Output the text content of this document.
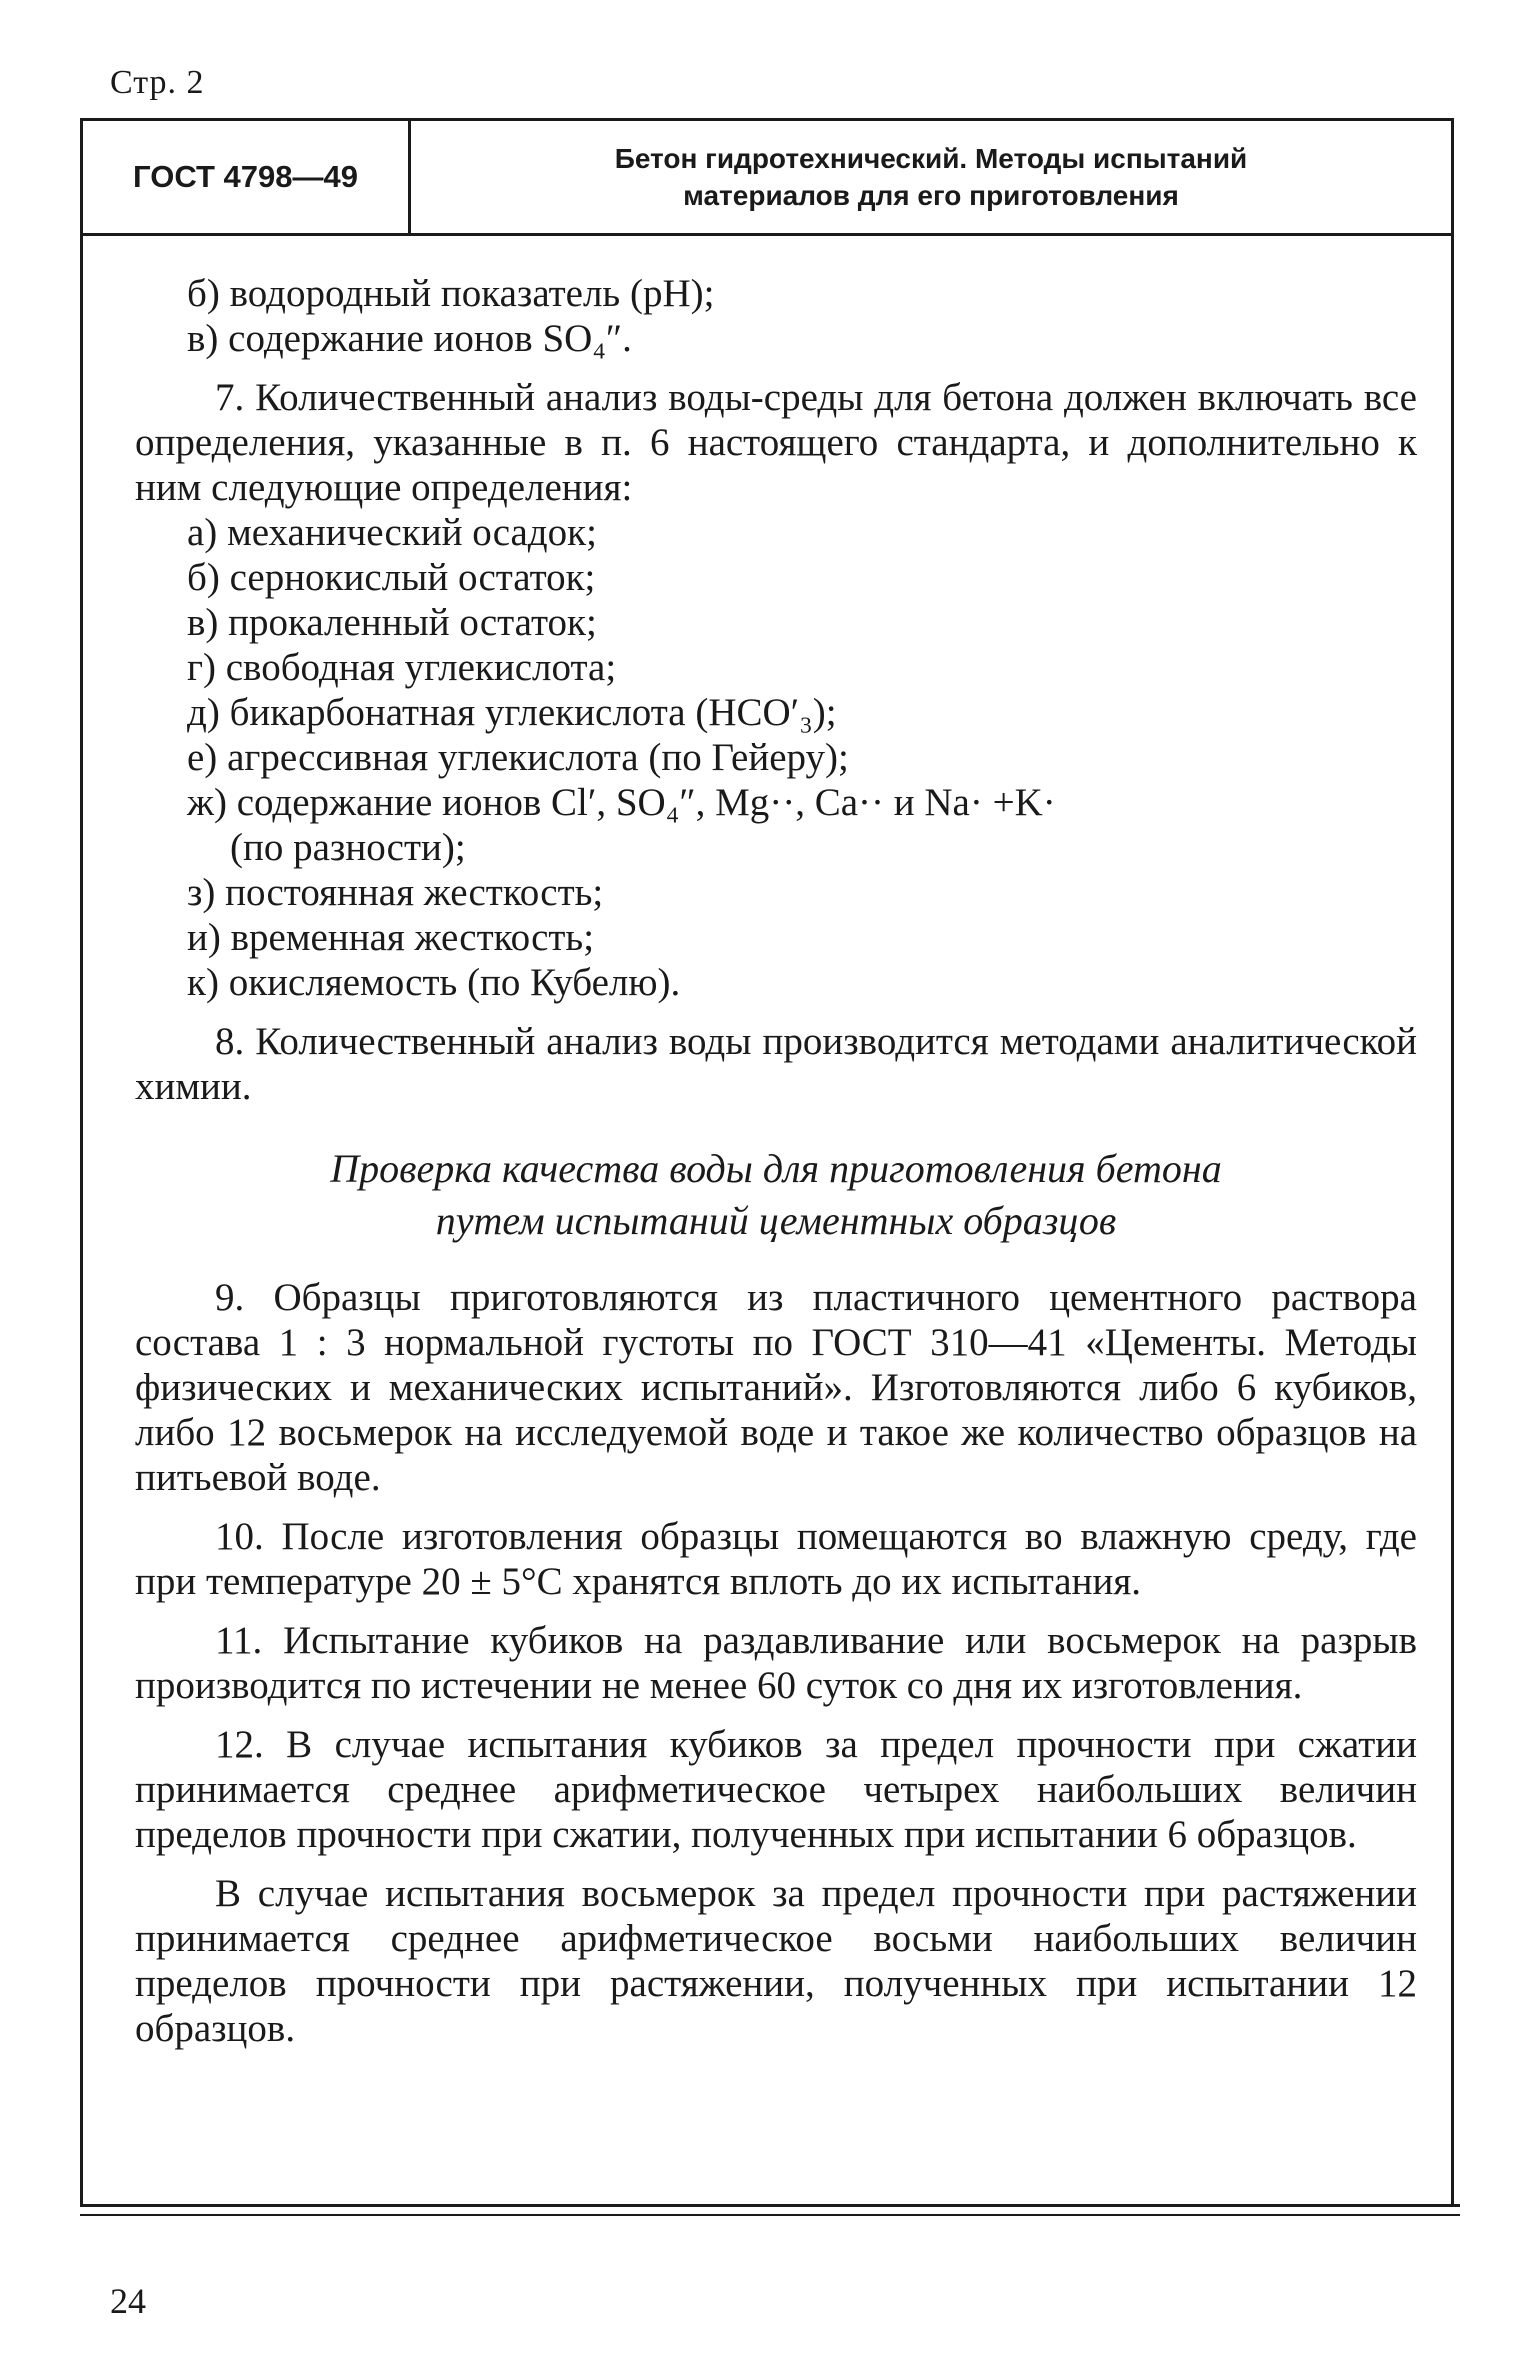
Стр. 2
ГОСТ 4798—49
Бетон гидротехнический. Методы испытаний
материалов для его приготовления

б) водородный показатель (pH);

в) содержание ионов SO₄″.

7. Количественный анализ воды-среды для бетона должен включать все определения, указанные в п. 6 настоящего стандарта, и дополнительно к ним следующие определения:

а) механический осадок;

б) сернокислый остаток;

в) прокаленный остаток;

г) свободная углекислота;

д) бикарбонатная углекислота (HCO′₃);

е) агрессивная углекислота (по Гейеру);

ж) содержание ионов Cl′, SO₄″, Mg··, Ca·· и Na· +K·

(по разности);

з) постоянная жесткость;

и) временная жесткость;

к) окисляемость (по Кубелю).

8. Количественный анализ воды производится методами аналитической химии.

Проверка качества воды для приготовления бетона
путем испытаний цементных образцов

9. Образцы приготовляются из пластичного цементного раствора состава 1 : 3 нормальной густоты по ГОСТ 310—41 «Цементы. Методы физических и механических испытаний». Изготовляются либо 6 кубиков, либо 12 восьмерок на исследуемой воде и такое же количество образцов на питьевой воде.

10. После изготовления образцы помещаются во влажную среду, где при температуре 20 ± 5°C хранятся вплоть до их испытания.

11. Испытание кубиков на раздавливание или восьмерок на разрыв производится по истечении не менее 60 суток со дня их изготовления.

12. В случае испытания кубиков за предел прочности при сжатии принимается среднее арифметическое четырех наибольших величин пределов прочности при сжатии, полученных при испытании 6 образцов.

В случае испытания восьмерок за предел прочности при растяжении принимается среднее арифметическое восьми наибольших величин пределов прочности при растяжении, полученных при испытании 12 образцов.

24
